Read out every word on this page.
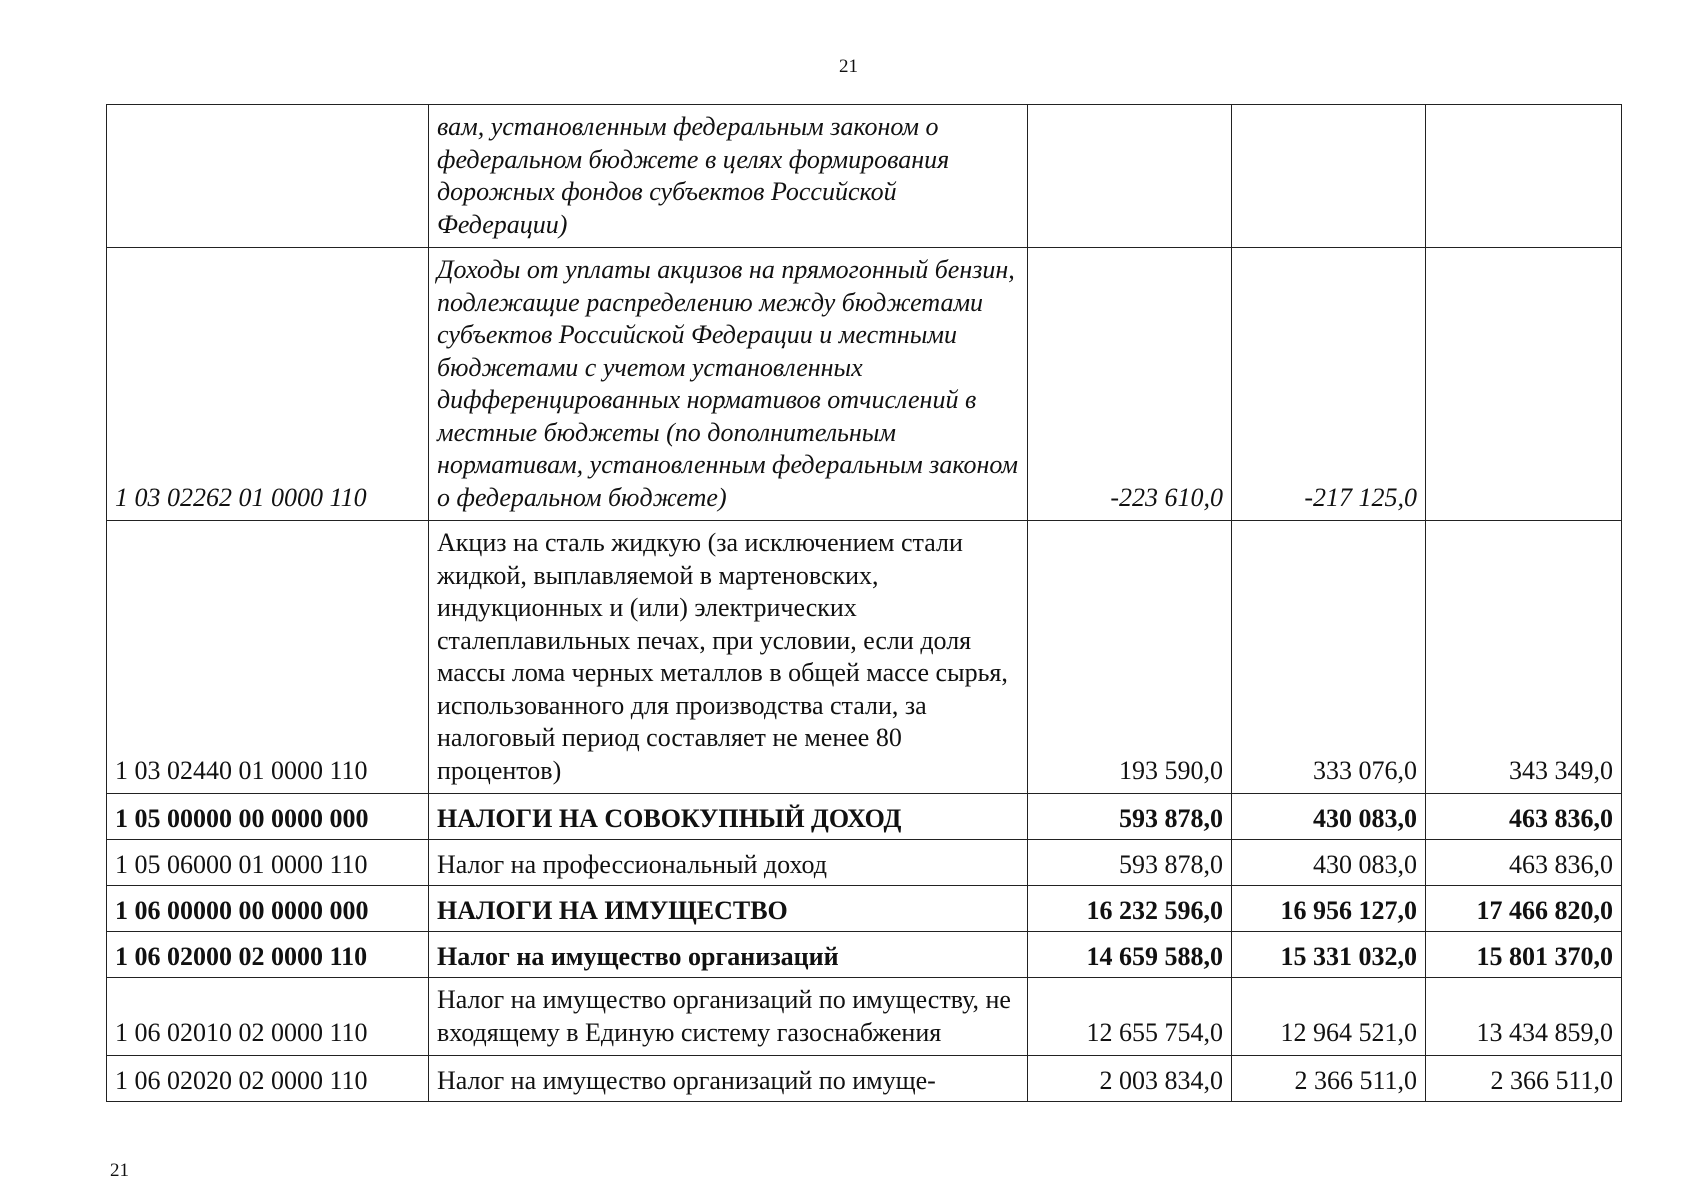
21
	вам, установленным федеральным законом о федеральном бюджете в целях формирования дорожных фондов субъектов Российской Федерации)			
1 03 02262 01 0000 110	Доходы от уплаты акцизов на прямогонный бензин, подлежащие распределению между бюджетами субъектов Российской Федерации и местными бюджетами с учетом установленных дифференцированных нормативов отчислений в местные бюджеты (по дополнительным нормативам, установленным федеральным законом о федеральном бюджете)	-223 610,0	-217 125,0	
1 03 02440 01 0000 110	Акциз на сталь жидкую (за исключением стали жидкой, выплавляемой в мартеновских, индукционных и (или) электрических сталеплавильных печах, при условии, если доля массы лома черных металлов в общей массе сырья, использованного для производства стали, за налоговый период составляет не менее 80 процентов)	193 590,0	333 076,0	343 349,0
1 05 00000 00 0000 000	НАЛОГИ НА СОВОКУПНЫЙ ДОХОД	593 878,0	430 083,0	463 836,0
1 05 06000 01 0000 110	Налог на профессиональный доход	593 878,0	430 083,0	463 836,0
1 06 00000 00 0000 000	НАЛОГИ НА ИМУЩЕСТВО	16 232 596,0	16 956 127,0	17 466 820,0
1 06 02000 02 0000 110	Налог на имущество организаций	14 659 588,0	15 331 032,0	15 801 370,0
1 06 02010 02 0000 110	Налог на имущество организаций по имуществу, не входящему в Единую систему газоснабжения	12 655 754,0	12 964 521,0	13 434 859,0
1 06 02020 02 0000 110	Налог на имущество организаций по имуще-	2 003 834,0	2 366 511,0	2 366 511,0
21
